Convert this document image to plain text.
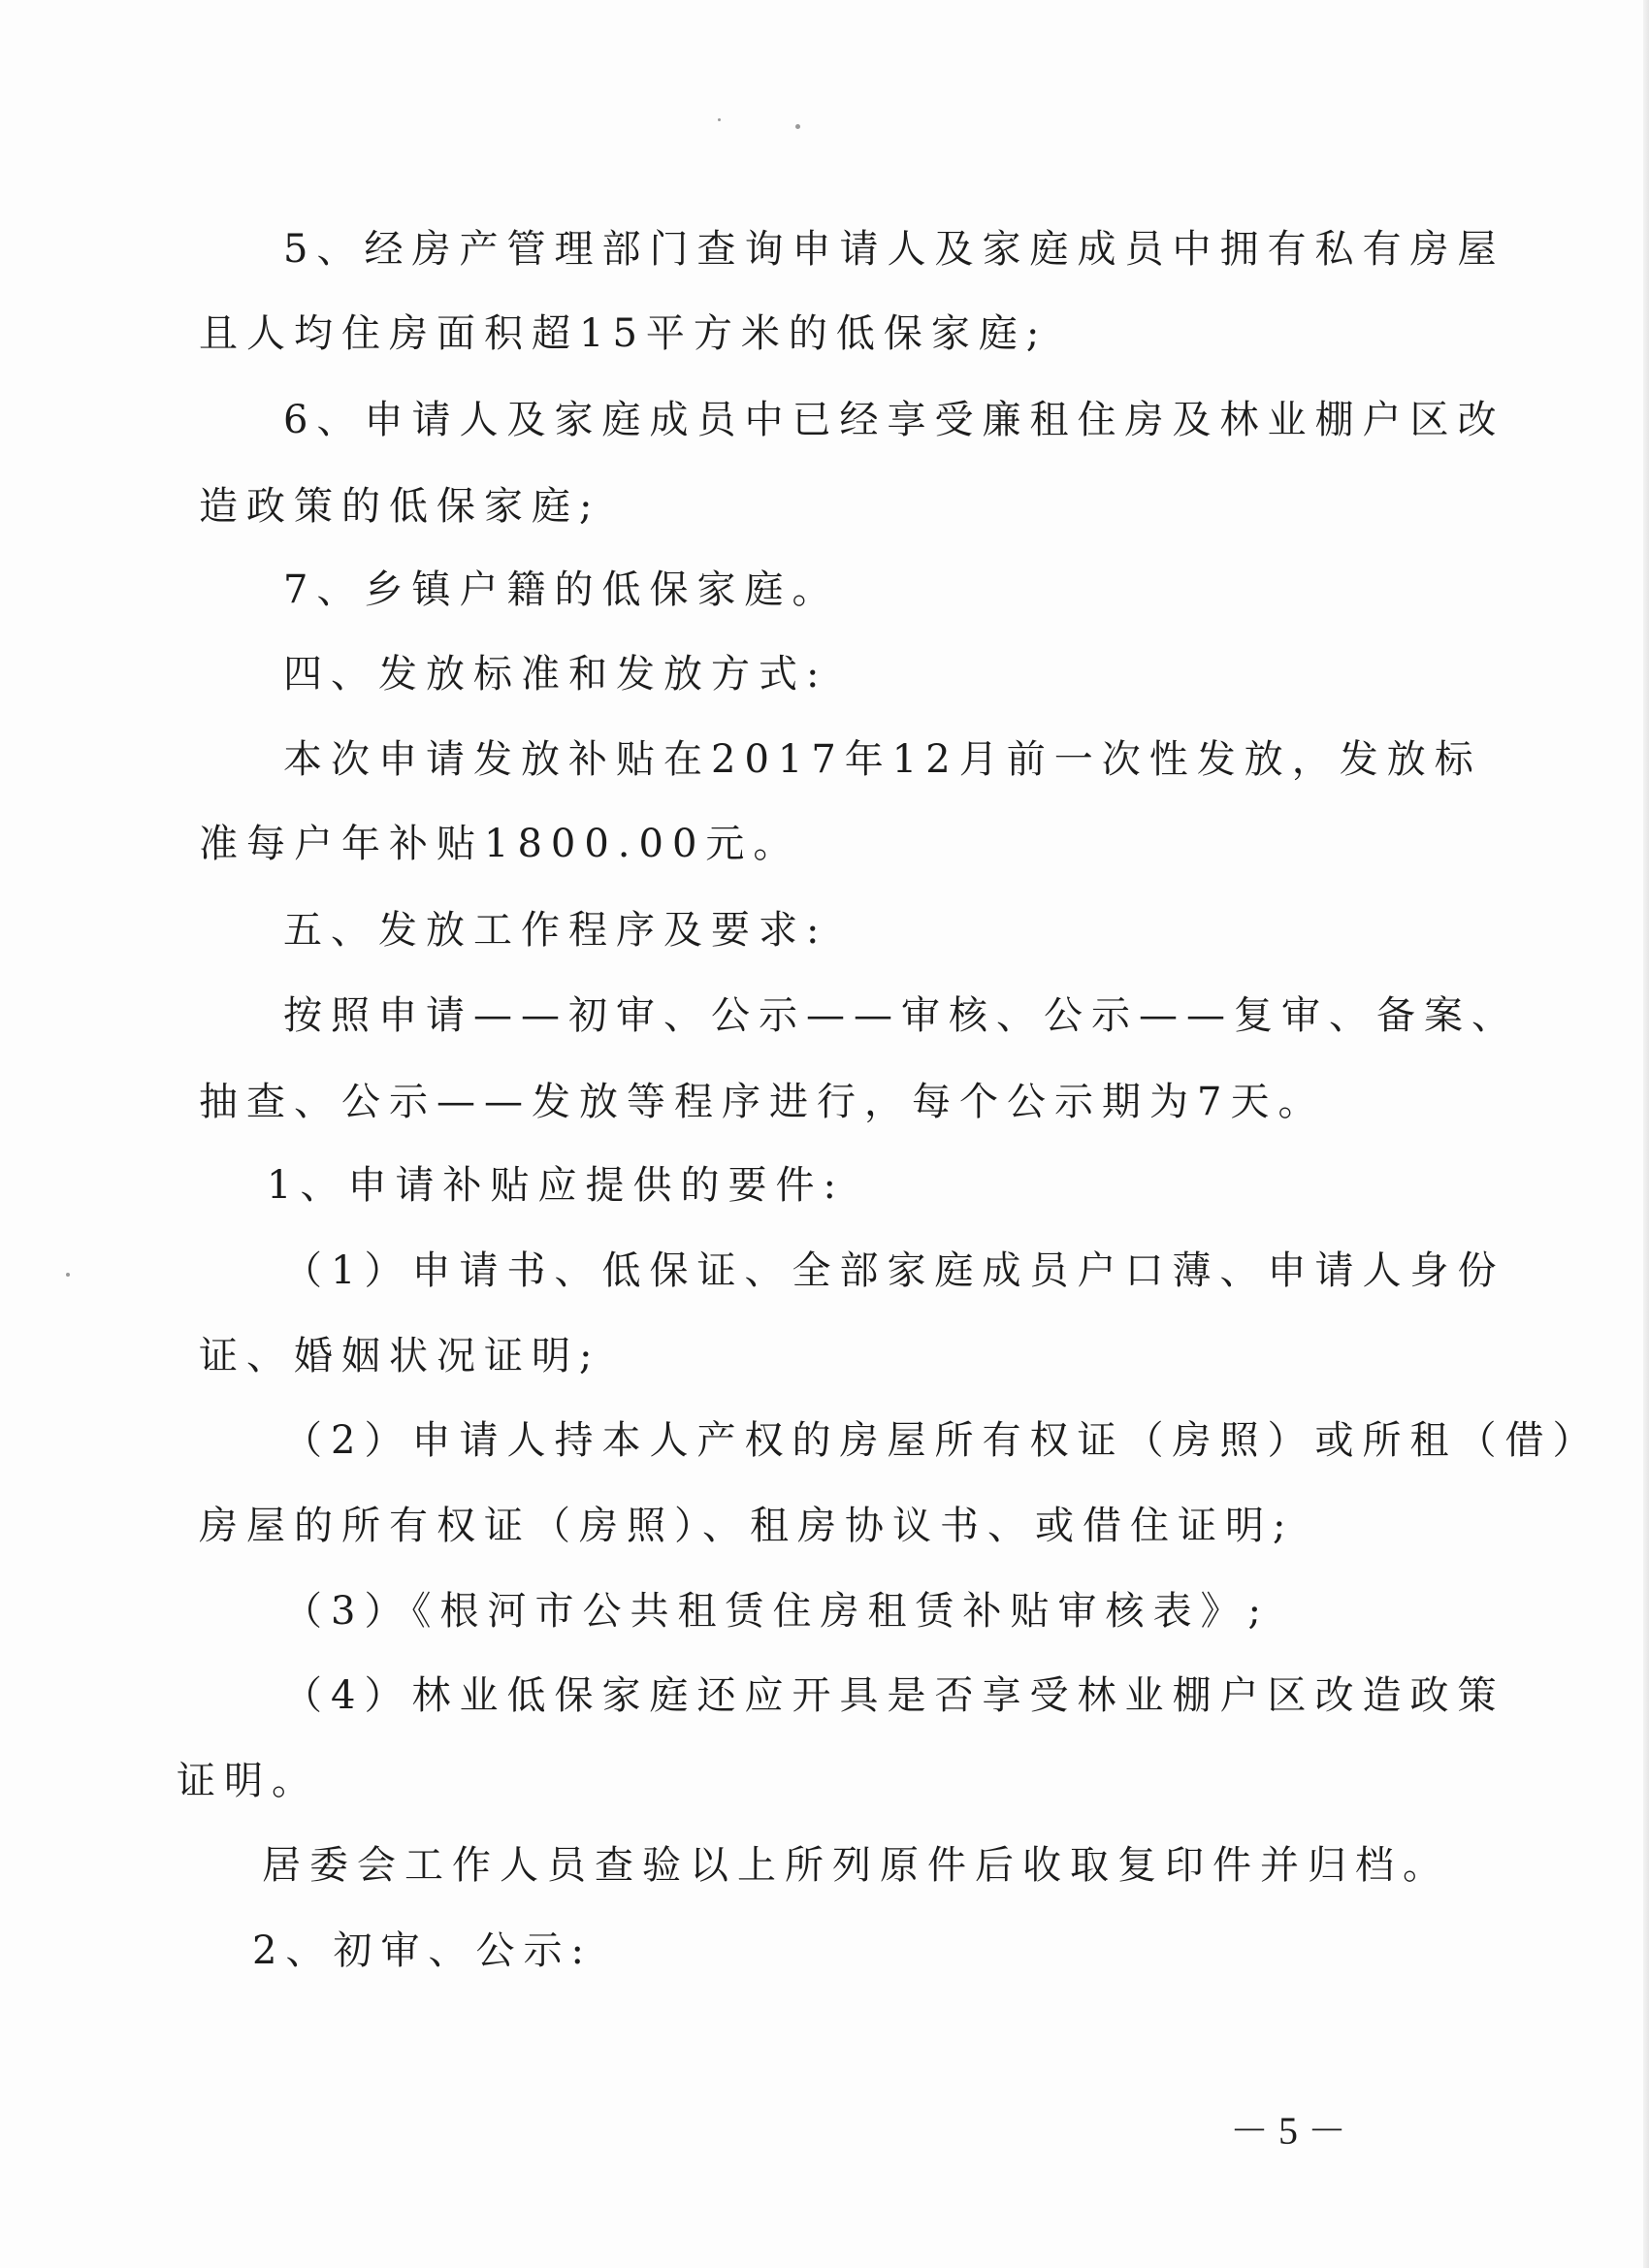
5、经房产管理部门查询申请人及家庭成员中拥有私有房屋
且人均住房面积超15平方米的低保家庭;
6、申请人及家庭成员中已经享受廉租住房及林业棚户区改
造政策的低保家庭;
7、乡镇户籍的低保家庭。
四、发放标准和发放方式:
本次申请发放补贴在2017年12月前一次性发放，发放标
准每户年补贴1800.00元。
五、发放工作程序及要求:
按照申请——初审、公示——审核、公示——复审、备案、
抽查、公示——发放等程序进行，每个公示期为7天。
1、申请补贴应提供的要件:
（1）申请书、低保证、全部家庭成员户口薄、申请人身份
证、婚姻状况证明;
（2）申请人持本人产权的房屋所有权证（房照）或所租（借）
房屋的所有权证（房照）、租房协议书、或借住证明;
（3）《根河市公共租赁住房租赁补贴审核表》;
（4）林业低保家庭还应开具是否享受林业棚户区改造政策
证明。
居委会工作人员查验以上所列原件后收取复印件并归档。
2、初审、公示:
－ 5 －
